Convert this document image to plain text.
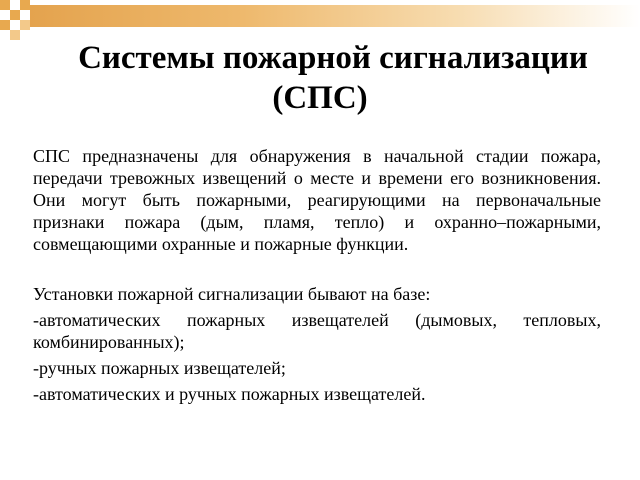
Системы пожарной сигнализации
(СПС)

СПС предназначены для обнаружения в начальной стадии пожара, передачи тревожных извещений о месте и времени его возникновения. Они могут быть пожарными, реагирующими на первоначальные признаки пожара (дым, пламя, тепло) и охранно–пожарными, совмещающими охранные и пожарные функции.

Установки пожарной сигнализации бывают на базе:

-автоматических пожарных извещателей (дымовых, тепловых, комбинированных);

-ручных пожарных извещателей;

-автоматических и ручных пожарных извещателей.
